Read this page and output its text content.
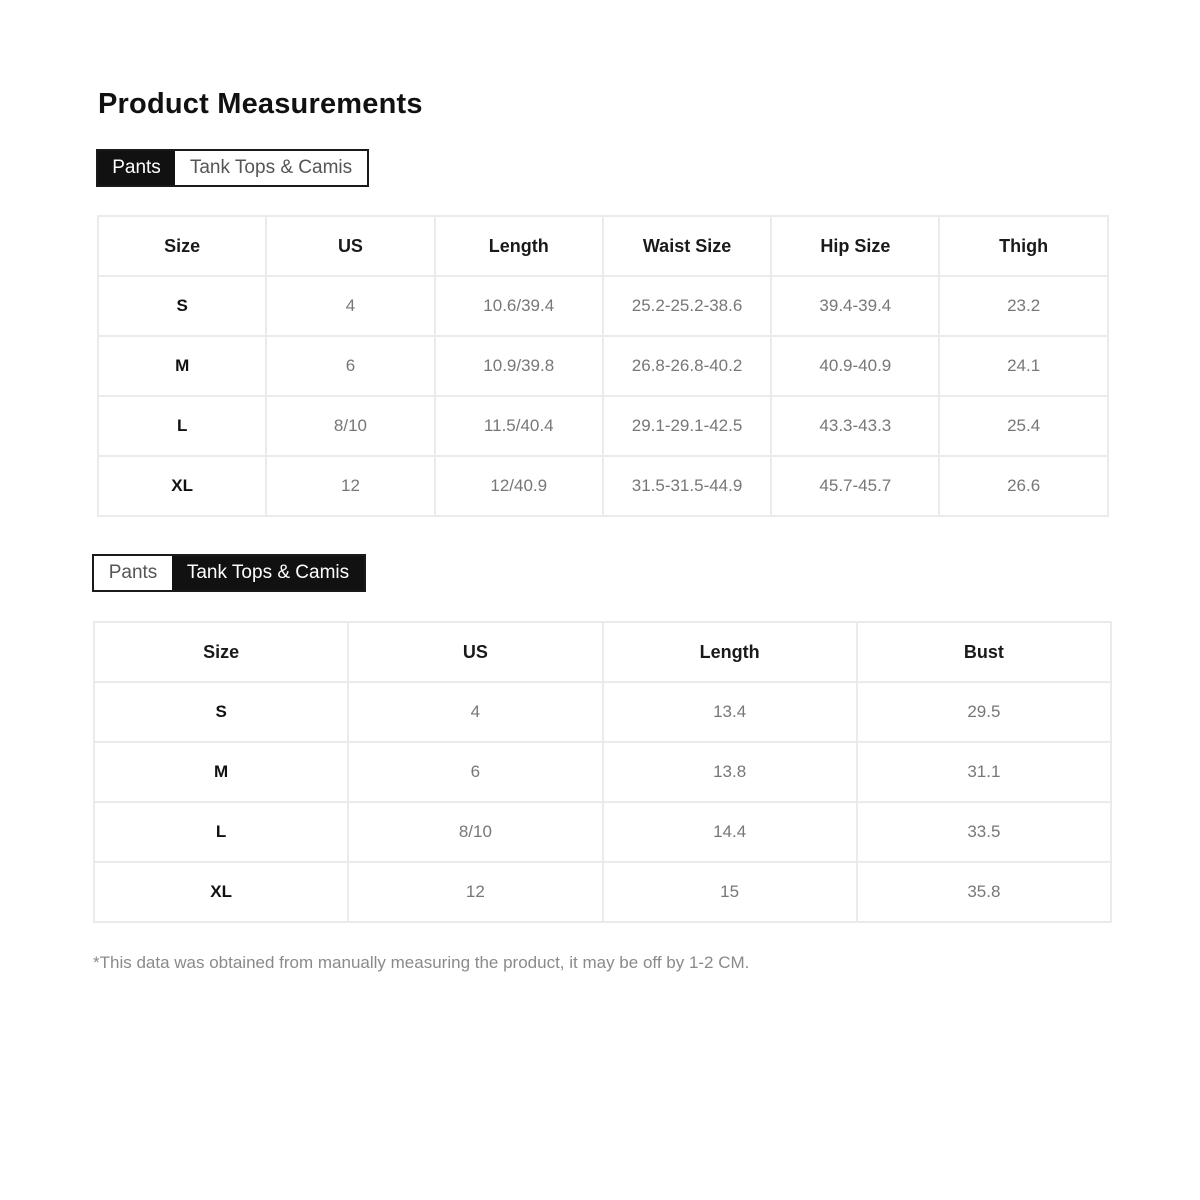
Product Measurements
Pants	Tank Tops & Camis
Size	US	Length	Waist Size	Hip Size	Thigh
S	4	10.6/39.4	25.2-25.2-38.6	39.4-39.4	23.2
M	6	10.9/39.8	26.8-26.8-40.2	40.9-40.9	24.1
L	8/10	11.5/40.4	29.1-29.1-42.5	43.3-43.3	25.4
XL	12	12/40.9	31.5-31.5-44.9	45.7-45.7	26.6
Pants	Tank Tops & Camis
Size	US	Length	Bust
S	4	13.4	29.5
M	6	13.8	31.1
L	8/10	14.4	33.5
XL	12	15	35.8

*This data was obtained from manually measuring the product, it may be off by 1-2 CM.
